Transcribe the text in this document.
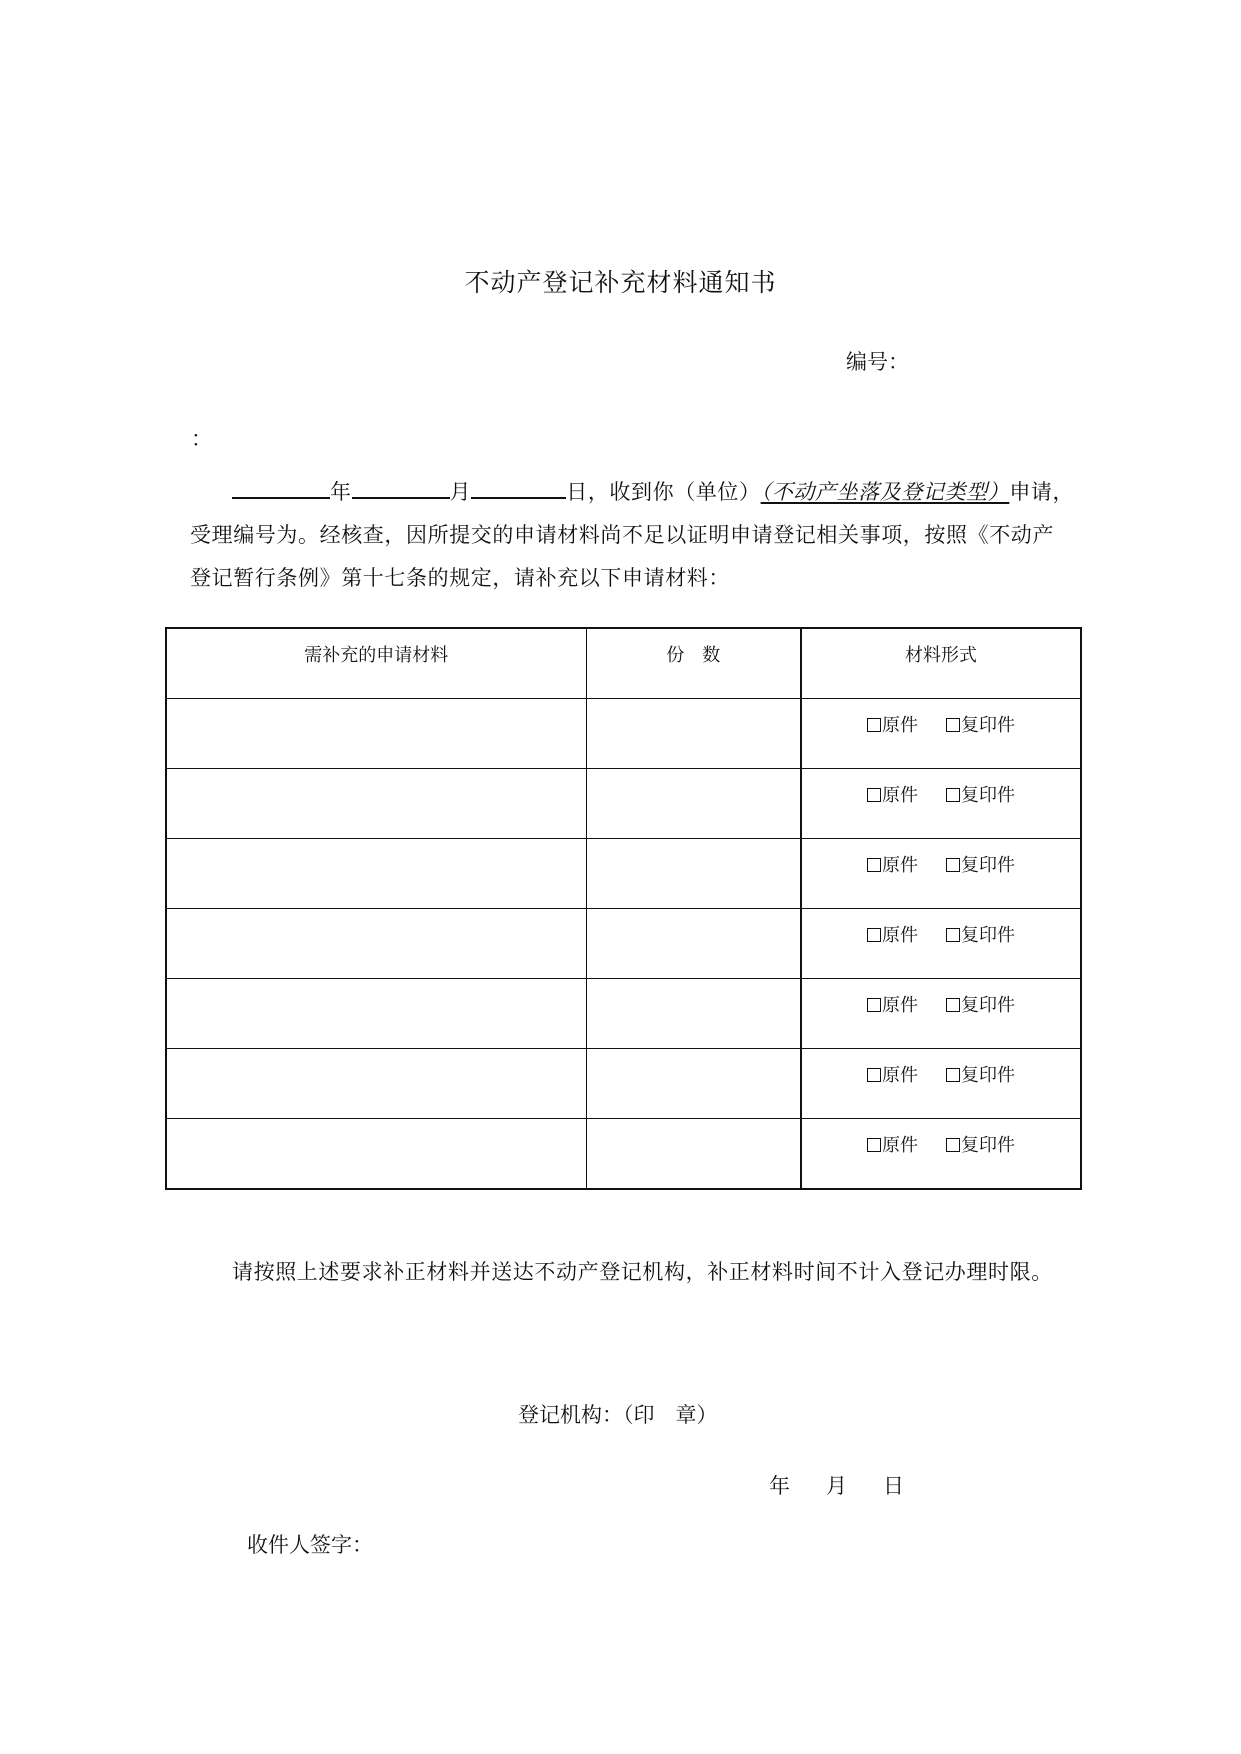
不动产登记补充材料通知书
编号：
：
年	月	日，收到你（单位）（不动产坐落及登记类型）申请，
受理编号为。经核查，因所提交的申请材料尚不足以证明申请登记相关事项，按照《不动产
登记暂行条例》第十七条的规定，请补充以下申请材料：
需补充的申请材料	份　数	材料形式
		原件 复印件
		原件 复印件
		原件 复印件
		原件 复印件
		原件 复印件
		原件 复印件
		原件 复印件
请按照上述要求补正材料并送达不动产登记机构，补正材料时间不计入登记办理时限。
登记机构：（印　章）
年 月 日
收件人签字：
